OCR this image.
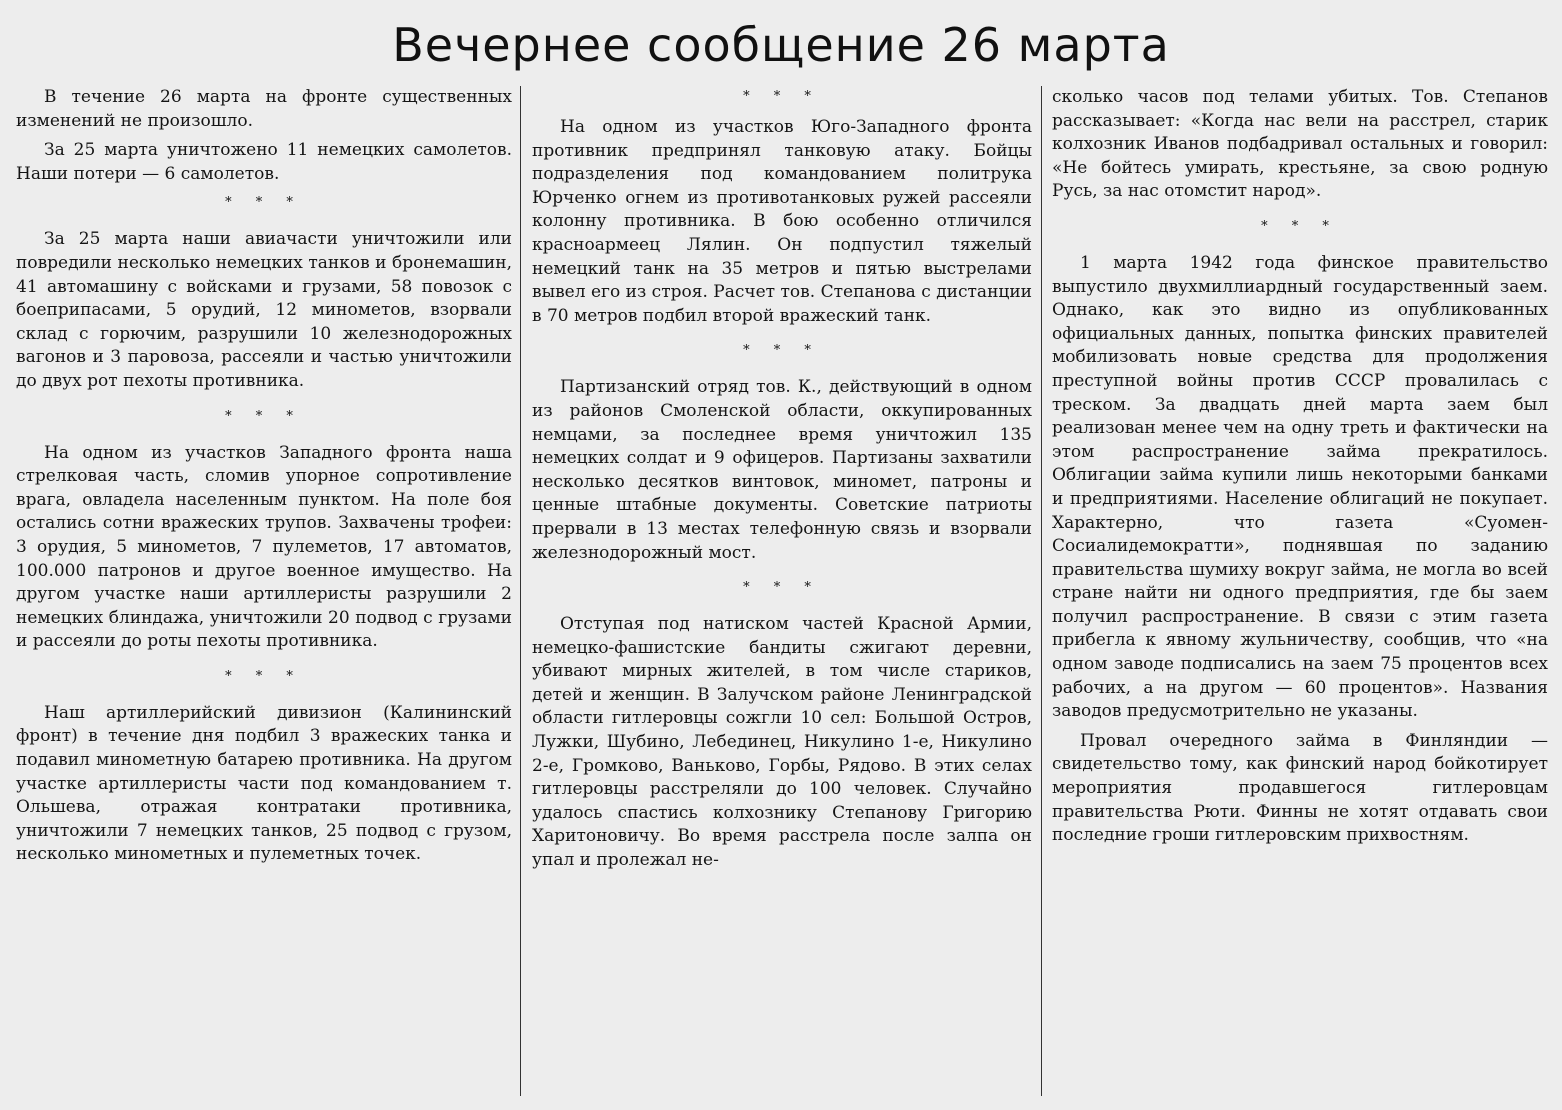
Вечернее сообщение 26 марта

В течение 26 марта на фронте существенных изменений не произошло.

За 25 марта уничтожено 11 немецких самолетов. Наши потери — 6 самолетов.

* * *

За 25 марта наши авиачасти уничтожили или повредили несколько немецких танков и бронемашин, 41 автомашину с войсками и грузами, 58 повозок с боеприпасами, 5 орудий, 12 минометов, взорвали склад с горючим, разрушили 10 железнодорожных вагонов и 3 паровоза, рассеяли и частью уничтожили до двух рот пехоты противника.

* * *

На одном из участков Западного фронта наша стрелковая часть, сломив упорное сопротивление врага, овладела населенным пунктом. На поле боя остались сотни вражеских трупов. Захвачены трофеи: 3 орудия, 5 минометов, 7 пулеметов, 17 автоматов, 100.000 патронов и другое военное имущество. На другом участке наши артиллеристы разрушили 2 немецких блиндажа, уничтожили 20 подвод с грузами и рассеяли до роты пехоты противника.

* * *

Наш артиллерийский дивизион (Калининский фронт) в течение дня подбил 3 вражеских танка и подавил минометную батарею противника. На другом участке артиллеристы части под командованием т. Ольшева, отражая контратаки противника, уничтожили 7 немецких танков, 25 подвод с грузом, несколько минометных и пулеметных точек.

* * *

На одном из участков Юго-Западного фронта противник предпринял танковую атаку. Бойцы подразделения под командованием политрука Юрченко огнем из противотанковых ружей рассеяли колонну противника. В бою особенно отличился красноармеец Лялин. Он подпустил тяжелый немецкий танк на 35 метров и пятью выстрелами вывел его из строя. Расчет тов. Степанова с дистанции в 70 метров подбил второй вражеский танк.

* * *

Партизанский отряд тов. К., действующий в одном из районов Смоленской области, оккупированных немцами, за последнее время уничтожил 135 немецких солдат и 9 офицеров. Партизаны захватили несколько десятков винтовок, миномет, патроны и ценные штабные документы. Советские патриоты прервали в 13 местах телефонную связь и взорвали железнодорожный мост.

* * *

Отступая под натиском частей Красной Армии, немецко-фашистские бандиты сжигают деревни, убивают мирных жителей, в том числе стариков, детей и женщин. В Залучском районе Ленинградской области гитлеровцы сожгли 10 сел: Большой Остров, Лужки, Шубино, Лебединец, Никулино 1-е, Никулино 2-е, Громково, Ваньково, Горбы, Рядово. В этих селах гитлеровцы расстреляли до 100 человек. Случайно удалось спастись колхознику Степанову Григорию Харитоновичу. Во время расстрела после залпа он упал и пролежал не-

сколько часов под телами убитых. Тов. Степанов рассказывает: «Когда нас вели на расстрел, старик колхозник Иванов подбадривал остальных и говорил: «Не бойтесь умирать, крестьяне, за свою родную Русь, за нас отомстит народ».

* * *

1 марта 1942 года финское правительство выпустило двухмиллиардный государственный заем. Однако, как это видно из опубликованных официальных данных, попытка финских правителей мобилизовать новые средства для продолжения преступной войны против СССР провалилась с треском. За двадцать дней марта заем был реализован менее чем на одну треть и фактически на этом распространение займа прекратилось. Облигации займа купили лишь некоторыми банками и предприятиями. Население облигаций не покупает. Характерно, что газета «Суомен-Сосиалидемократти», поднявшая по заданию правительства шумиху вокруг займа, не могла во всей стране найти ни одного предприятия, где бы заем получил распространение. В связи с этим газета прибегла к явному жульничеству, сообщив, что «на одном заводе подписались на заем 75 процентов всех рабочих, а на другом — 60 процентов». Названия заводов предусмотрительно не указаны.

Провал очередного займа в Финляндии — свидетельство тому, как финский народ бойкотирует мероприятия продавшегося гитлеровцам правительства Рюти. Финны не хотят отдавать свои последние гроши гитлеровским прихвостням.
